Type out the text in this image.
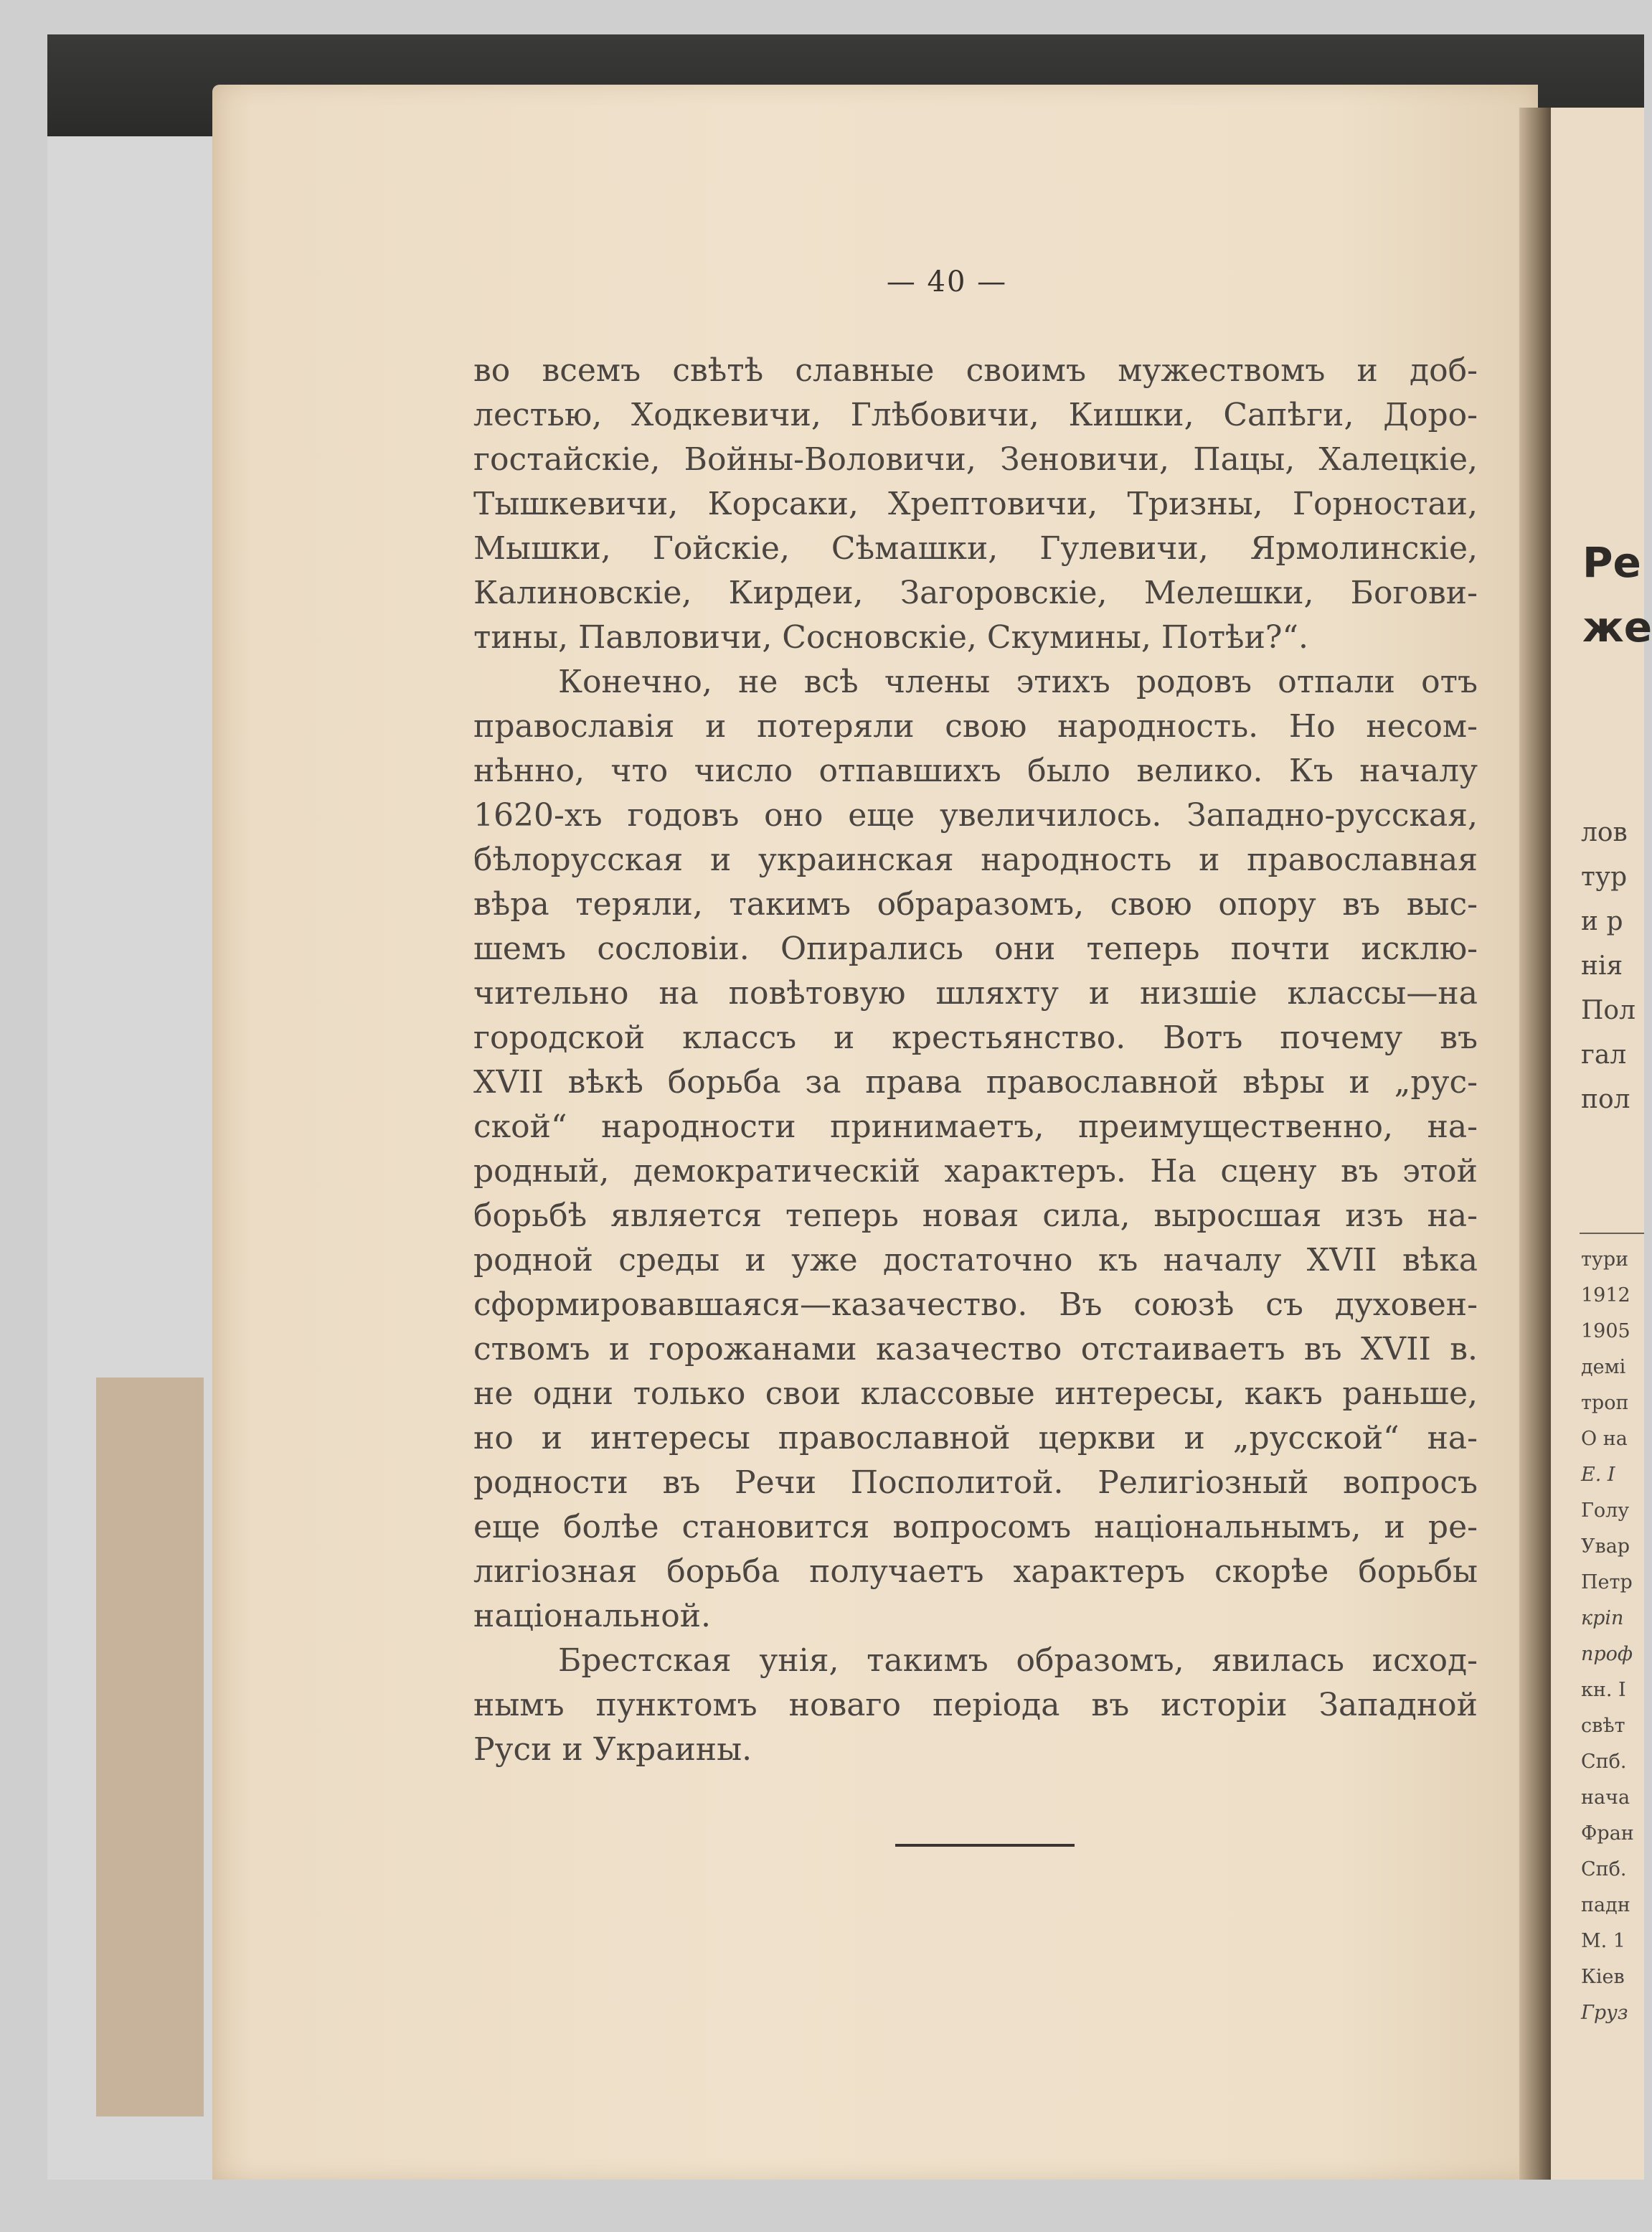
— 40 —
во всемъ свѣтѣ славные своимъ мужествомъ и доб-
лестью, Ходкевичи, Глѣбовичи, Кишки, Сапѣги, Доро-
гостайскіе, Войны-Воловичи, Зеновичи, Пацы, Халецкіе,
Тышкевичи, Корсаки, Хрептовичи, Тризны, Горностаи,
Мышки, Гойскіе, Сѣмашки, Гулевичи, Ярмолинскіе,
Калиновскіе, Кирдеи, Загоровскіе, Мелешки, Богови-
тины, Павловичи, Сосновскіе, Скумины, Потѣи?“.
Конечно, не всѣ члены этихъ родовъ отпали отъ
православія и потеряли свою народность. Но несом-
нѣнно, что число отпавшихъ было велико. Къ началу
1620-хъ годовъ оно еще увеличилось. Западно-русская,
бѣлорусская и украинская народность и православная
вѣра теряли, такимъ обраразомъ, свою опору въ выс-
шемъ сословіи. Опирались они теперь почти исклю-
чительно на повѣтовую шляхту и низшіе классы—на
городской классъ и крестьянство. Вотъ почему въ
XVII вѣкѣ борьба за права православной вѣры и „рус-
ской“ народности принимаетъ, преимущественно, на-
родный, демократическій характеръ. На сцену въ этой
борьбѣ является теперь новая сила, выросшая изъ на-
родной среды и уже достаточно къ началу XVII вѣка
сформировавшаяся—казачество. Въ союзѣ съ духовен-
ствомъ и горожанами казачество отстаиваетъ въ XVII в.
не одни только свои классовые интересы, какъ раньше,
но и интересы православной церкви и „русской“ на-
родности въ Речи Посполитой. Религіозный вопросъ
еще болѣе становится вопросомъ національнымъ, и ре-
лигіозная борьба получаетъ характеръ скорѣе борьбы
національной.
Брестская унія, такимъ образомъ, явилась исход-
нымъ пунктомъ новаго періода въ исторіи Западной
Руси и Украины.
Ре
же
лов
тур
и р
нія
Пол
гал
пол
тури
1912
1905
демі
троп
О на
Е. І
Голу
Увар
Петр
кріп
проф
кн. І
свѣт
Спб.
нача
Фран
Спб.
падн
М. 1
Кіев
Груз
